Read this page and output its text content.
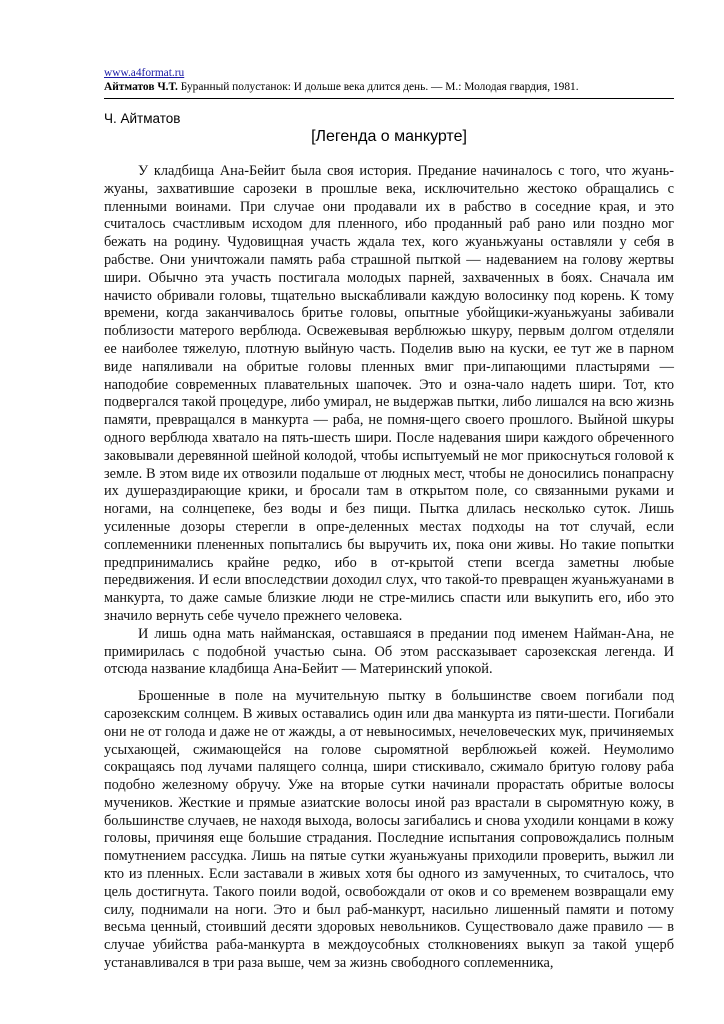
www.a4format.ru
Айтматов Ч.Т. Буранный полустанок: И дольше века длится день. — М.: Молодая гвардия, 1981.
Ч. Айтматов
[Легенда о манкурте]

У кладбища Ана-Бейит была своя история. Предание начиналось с того, что жуань-жуаны, захватившие сарозеки в прошлые века, исключительно жестоко обращались с пленными воинами. При случае они продавали их в рабство в соседние края, и это считалось счастливым исходом для пленного, ибо проданный раб рано или поздно мог бежать на родину. Чудовищная участь ждала тех, кого жуаньжуаны оставляли у себя в рабстве. Они уничтожали память раба страшной пыткой — надеванием на голову жертвы шири. Обычно эта участь постигала молодых парней, захваченных в боях. Сначала им начисто обривали головы, тщательно выскабливали каждую волосинку под корень. К тому времени, когда заканчивалось бритье головы, опытные убойщики-жуаньжуаны забивали поблизости матерого верблюда. Освежевывая верблюжью шкуру, первым долгом отделяли ее наиболее тяжелую, плотную выйную часть. Поделив выю на куски, ее тут же в парном виде напяливали на обритые головы пленных вмиг при-липающими пластырями — наподобие современных плавательных шапочек. Это и озна-чало надеть шири. Тот, кто подвергался такой процедуре, либо умирал, не выдержав пытки, либо лишался на всю жизнь памяти, превращался в манкурта — раба, не помня-щего своего прошлого. Выйной шкуры одного верблюда хватало на пять-шесть шири. После надевания шири каждого обреченного заковывали деревянной шейной колодой, чтобы испытуемый не мог прикоснуться головой к земле. В этом виде их отвозили подальше от людных мест, чтобы не доносились понапрасну их душераздирающие крики, и бросали там в открытом поле, со связанными руками и ногами, на солнцепеке, без воды и без пищи. Пытка длилась несколько суток. Лишь усиленные дозоры стерегли в опре-деленных местах подходы на тот случай, если соплеменники плененных попытались бы выручить их, пока они живы. Но такие попытки предпринимались крайне редко, ибо в от-крытой степи всегда заметны любые передвижения. И если впоследствии доходил слух, что такой-то превращен жуаньжуанами в манкурта, то даже самые близкие люди не стре-мились спасти или выкупить его, ибо это значило вернуть себе чучело прежнего человека.

И лишь одна мать найманская, оставшаяся в предании под именем Найман-Ана, не примирилась с подобной участью сына. Об этом рассказывает сарозекская легенда. И отсюда название кладбища Ана-Бейит — Материнский упокой.

Брошенные в поле на мучительную пытку в большинстве своем погибали под сарозекским солнцем. В живых оставались один или два манкурта из пяти-шести. Погибали они не от голода и даже не от жажды, а от невыносимых, нечеловеческих мук, причиняемых усыхающей, сжимающейся на голове сыромятной верблюжьей кожей. Неумолимо сокращаясь под лучами палящего солнца, шири стискивало, сжимало бритую голову раба подобно железному обручу. Уже на вторые сутки начинали прорастать обритые волосы мучеников. Жесткие и прямые азиатские волосы иной раз врастали в сыромятную кожу, в большинстве случаев, не находя выхода, волосы загибались и снова уходили концами в кожу головы, причиняя еще большие страдания. Последние испытания сопровождались полным помутнением рассудка. Лишь на пятые сутки жуаньжуаны приходили проверить, выжил ли кто из пленных. Если заставали в живых хотя бы одного из замученных, то считалось, что цель достигнута. Такого поили водой, освобождали от оков и со временем возвращали ему силу, поднимали на ноги. Это и был раб-манкурт, насильно лишенный памяти и потому весьма ценный, стоивший десяти здоровых невольников. Существовало даже правило — в случае убийства раба-манкурта в междоусобных столкновениях выкуп за такой ущерб устанавливался в три раза выше, чем за жизнь свободного соплеменника,
